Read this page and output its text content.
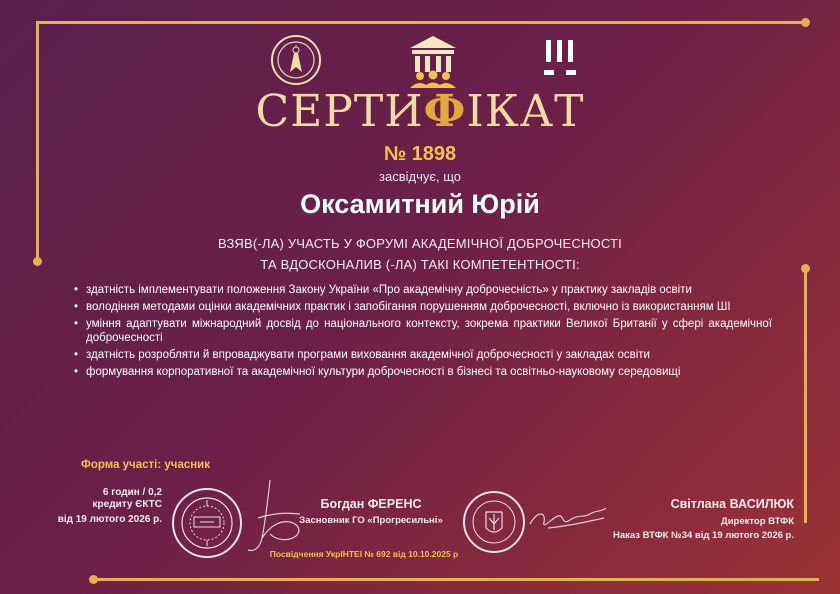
СЕРТИФІКАТ
№ 1898
засвідчує, що
Оксамитний Юрій
ВЗЯВ(-ЛА) УЧАСТЬ У ФОРУМІ АКАДЕМІЧНОЇ ДОБРОЧЕСНОСТІ
ТА ВДОСКОНАЛИВ (-ЛА) ТАКІ КОМПЕТЕНТНОСТІ:
• здатність імплементувати положення Закону України «Про академічну доброчесність» у практику закладів освіти
• володіння методами оцінки академічних практик і запобігання порушенням доброчесності, включно із використанням ШІ
• уміння адаптувати міжнародний досвід до національного контексту, зокрема практики Великої Британії у сфері академічної доброчесності
• здатність розробляти й впроваджувати програми виховання академічної доброчесності у закладах освіти
• формування корпоративної та академічної культури доброчесності в бізнесі та освітньо-науковому середовищі
Форма участі: учасник
6 годин / 0,2
кредиту ЄКТС
від 19 лютого 2026 р.
Богдан ФЕРЕНС
Засновник ГО «Прогресильні»
Посвідчення УкрІНТЕІ № 692 від 10.10.2025 р
Світлана ВАСИЛЮК
Директор ВТФК
Наказ ВТФК №34 від 19 лютого 2026 р.
